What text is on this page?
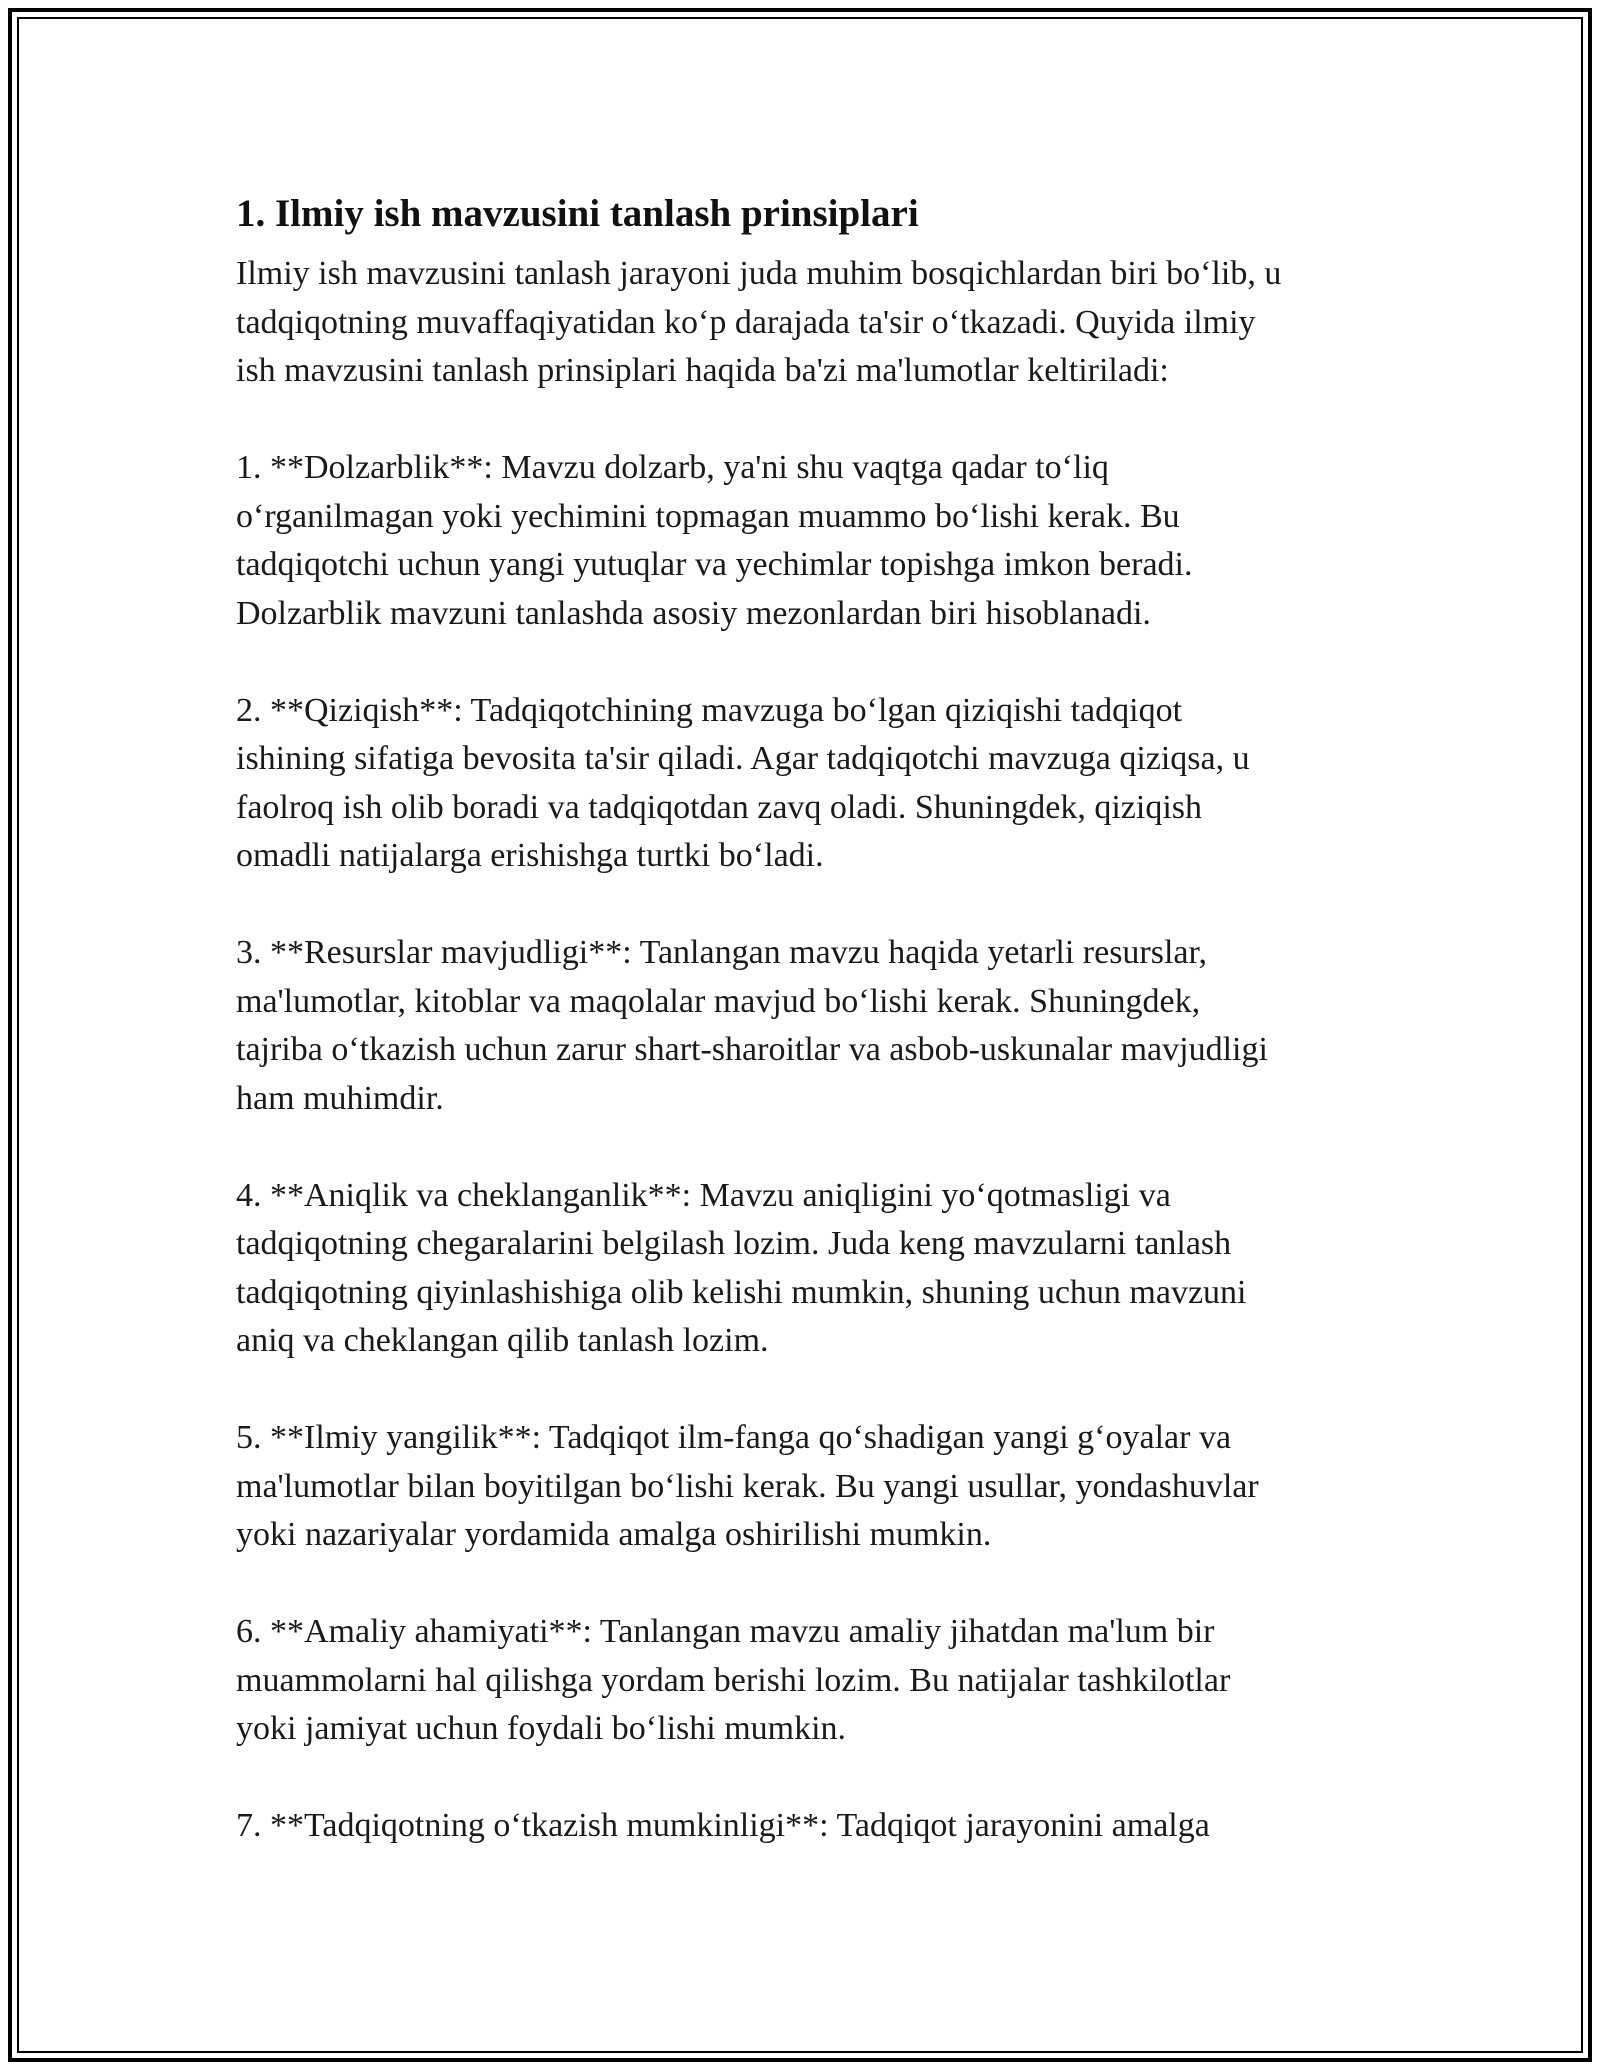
1. Ilmiy ish mavzusini tanlash prinsiplari

Ilmiy ish mavzusini tanlash jarayoni juda muhim bosqichlardan biri bo‘lib, u
tadqiqotning muvaffaqiyatidan ko‘p darajada ta'sir o‘tkazadi. Quyida ilmiy
ish mavzusini tanlash prinsiplari haqida ba'zi ma'lumotlar keltiriladi:

1. **Dolzarblik**: Mavzu dolzarb, ya'ni shu vaqtga qadar to‘liq
o‘rganilmagan yoki yechimini topmagan muammo bo‘lishi kerak. Bu
tadqiqotchi uchun yangi yutuqlar va yechimlar topishga imkon beradi.
Dolzarblik mavzuni tanlashda asosiy mezonlardan biri hisoblanadi.

2. **Qiziqish**: Tadqiqotchining mavzuga bo‘lgan qiziqishi tadqiqot
ishining sifatiga bevosita ta'sir qiladi. Agar tadqiqotchi mavzuga qiziqsa, u
faolroq ish olib boradi va tadqiqotdan zavq oladi. Shuningdek, qiziqish
omadli natijalarga erishishga turtki bo‘ladi.

3. **Resurslar mavjudligi**: Tanlangan mavzu haqida yetarli resurslar,
ma'lumotlar, kitoblar va maqolalar mavjud bo‘lishi kerak. Shuningdek,
tajriba o‘tkazish uchun zarur shart-sharoitlar va asbob-uskunalar mavjudligi
ham muhimdir.

4. **Aniqlik va cheklanganlik**: Mavzu aniqligini yo‘qotmasligi va
tadqiqotning chegaralarini belgilash lozim. Juda keng mavzularni tanlash
tadqiqotning qiyinlashishiga olib kelishi mumkin, shuning uchun mavzuni
aniq va cheklangan qilib tanlash lozim.

5. **Ilmiy yangilik**: Tadqiqot ilm-fanga qo‘shadigan yangi g‘oyalar va
ma'lumotlar bilan boyitilgan bo‘lishi kerak. Bu yangi usullar, yondashuvlar
yoki nazariyalar yordamida amalga oshirilishi mumkin.

6. **Amaliy ahamiyati**: Tanlangan mavzu amaliy jihatdan ma'lum bir
muammolarni hal qilishga yordam berishi lozim. Bu natijalar tashkilotlar
yoki jamiyat uchun foydali bo‘lishi mumkin.

7. **Tadqiqotning o‘tkazish mumkinligi**: Tadqiqot jarayonini amalga
